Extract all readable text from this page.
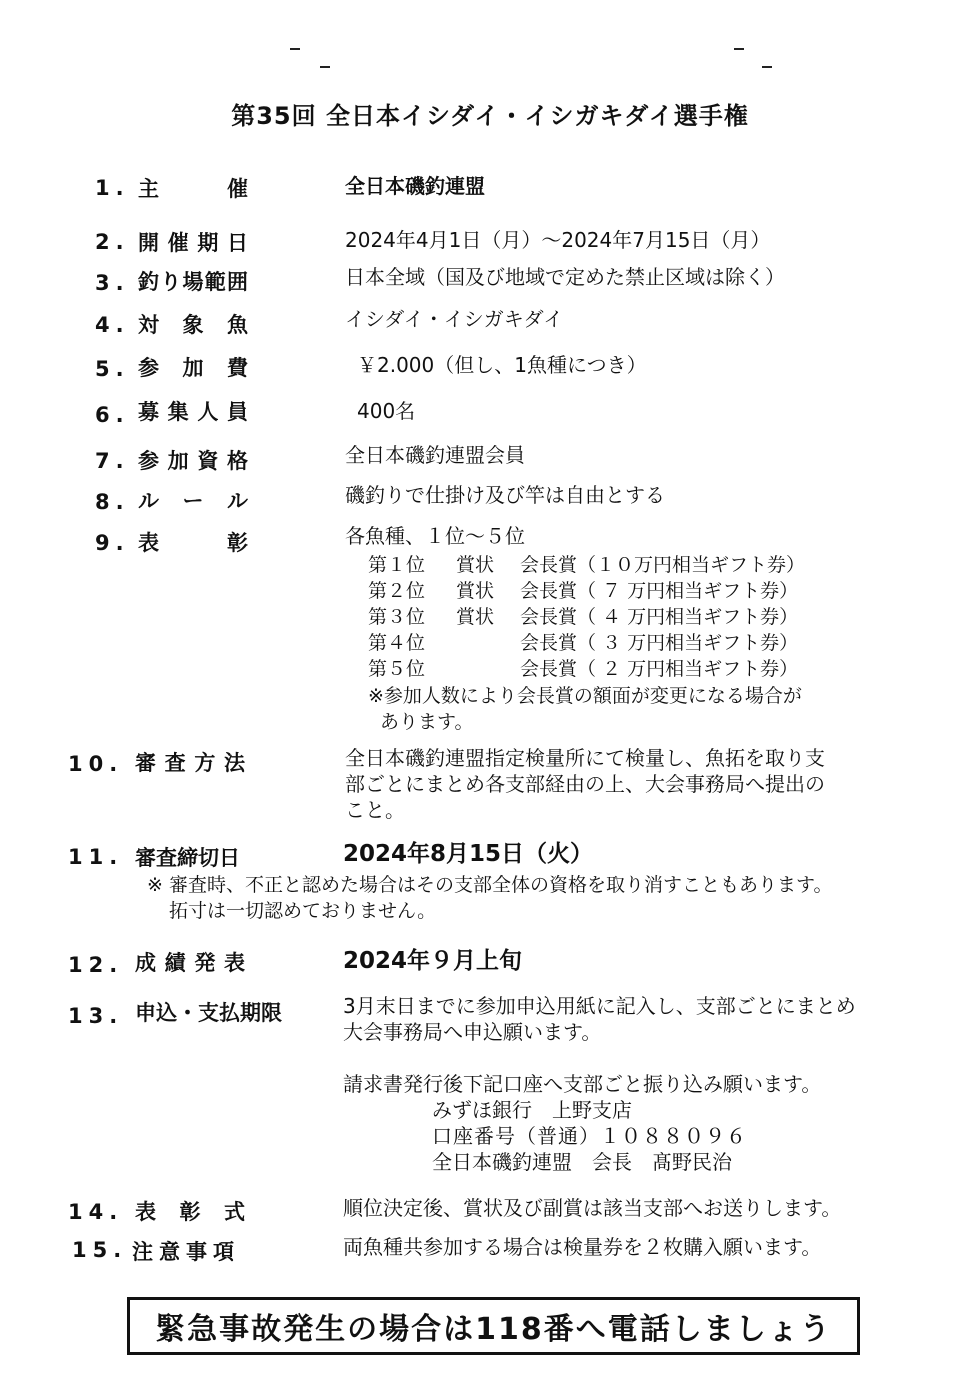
第35回 全日本イシダイ・イシガキダイ選手権
1. 主	催	全日本磯釣連盟
2. 開 催 期 日	2024年4月1日（月）～2024年7月15日（月）
3. 釣 り 場 範 囲	日本全域（国及び地域で定めた禁止区域は除く）
4. 対 象 魚	イシダイ・イシガキダイ
5. 参 加 費	￥2.000（但し、1魚種につき）
6. 募 集 人 員	400名
7. 参 加 資 格	全日本磯釣連盟会員
8. ル ー ル	磯釣りで仕掛け及び竿は自由とする
9. 表	彰	各魚種、１位～５位
第１位 賞状 会長賞（１０万円相当ギフト券）
第２位 賞状 会長賞（ ７ 万円相当ギフト券）
第３位 賞状 会長賞（ ４ 万円相当ギフト券）
第４位	会長賞（ ３ 万円相当ギフト券）
第５位	会長賞（ ２ 万円相当ギフト券）
※参加人数により会長賞の額面が変更になる場合が
あります。
10. 審 査 方 法	全日本磯釣連盟指定検量所にて検量し、魚拓を取り支
部ごとにまとめ各支部経由の上、大会事務局へ提出の
こと。
11. 審査締切日	2024年8月15日（火）
※ 審査時、不正と認めた場合はその支部全体の資格を取り消すこともあります。
拓寸は一切認めておりません。
12. 成 績 発 表	2024年９月上旬
13. 申込・支払期限	3月末日までに参加申込用紙に記入し、支部ごとにまとめ
大会事務局へ申込願います。
請求書発行後下記口座へ支部ごと振り込み願います。
みずほ銀行　上野支店
口座番号（普通）１０８８０９６
全日本磯釣連盟　会長　髙野民治
14. 表 彰 式	順位決定後、賞状及び副賞は該当支部へお送りします。
15. 注意事項	両魚種共参加する場合は検量券を２枚購入願います。
緊急事故発生の場合は118番へ電話しましょう
